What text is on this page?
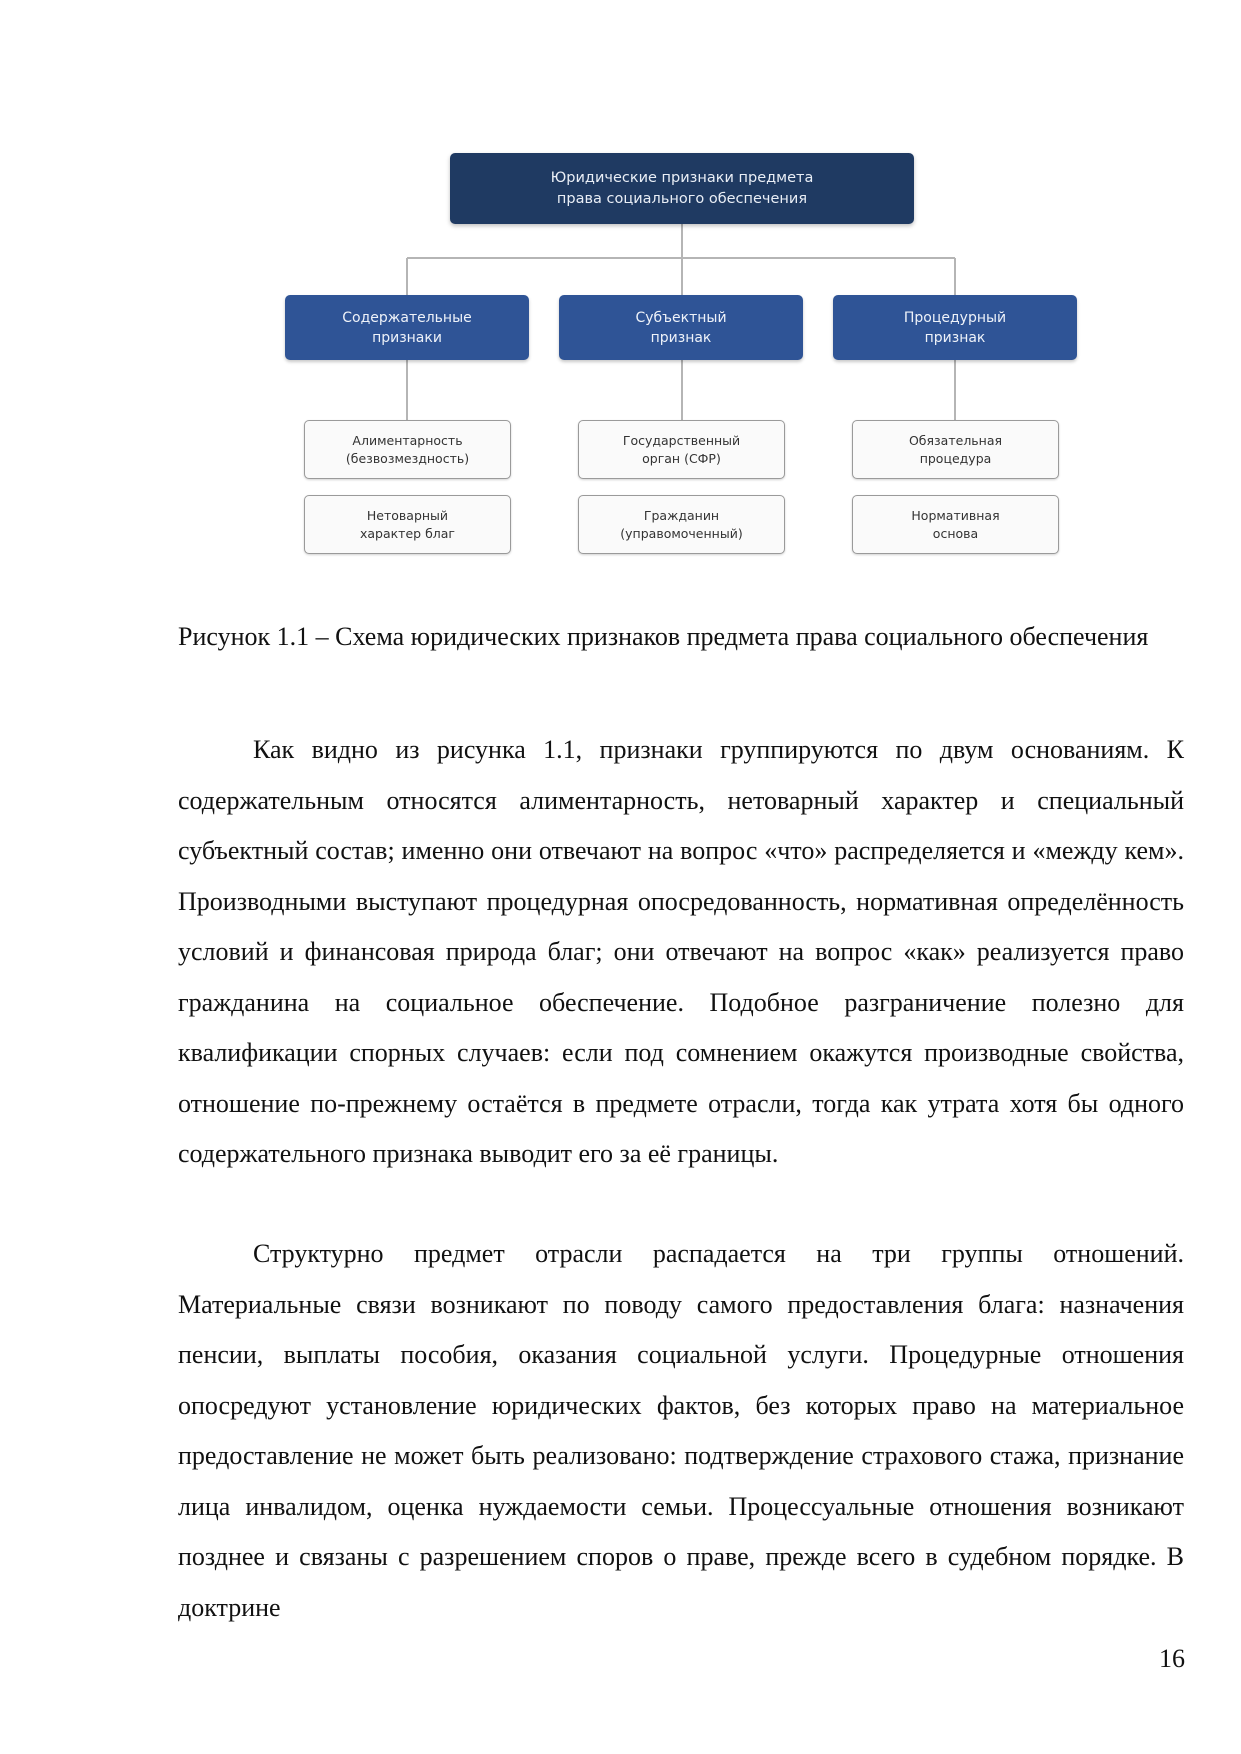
Юридические признаки предмета
права социального обеспечения
Содержательные
признаки
Субъектный
признак
Процедурный
признак
Алиментарность
(безвозмездность)
Нетоварный
характер благ
Государственный
орган (СФР)
Гражданин
(управомоченный)
Обязательная
процедура
Нормативная
основа

Рисунок 1.1 – Схема юридических признаков предмета права социального обеспечения

Как видно из рисунка 1.1, признаки группируются по двум основаниям. К содержательным относятся алиментарность, нетоварный характер и специальный субъектный состав; именно они отвечают на вопрос «что» распределяется и «между кем». Производными выступают процедурная опосредованность, нормативная определённость условий и финансовая природа благ; они отвечают на вопрос «как» реализуется право гражданина на социальное обеспечение. Подобное разграничение полезно для квалификации спорных случаев: если под сомнением окажутся производные свойства, отношение по-прежнему остаётся в предмете отрасли, тогда как утрата хотя бы одного содержательного признака выводит его за её границы.

Структурно предмет отрасли распадается на три группы отношений. Материальные связи возникают по поводу самого предоставления блага: назначения пенсии, выплаты пособия, оказания социальной услуги. Процедурные отношения опосредуют установление юридических фактов, без которых право на материальное предоставление не может быть реализовано: подтверждение страхового стажа, признание лица инвалидом, оценка нуждаемости семьи. Процессуальные отношения возникают позднее и связаны с разрешением споров о праве, прежде всего в судебном порядке. В доктрине

16
